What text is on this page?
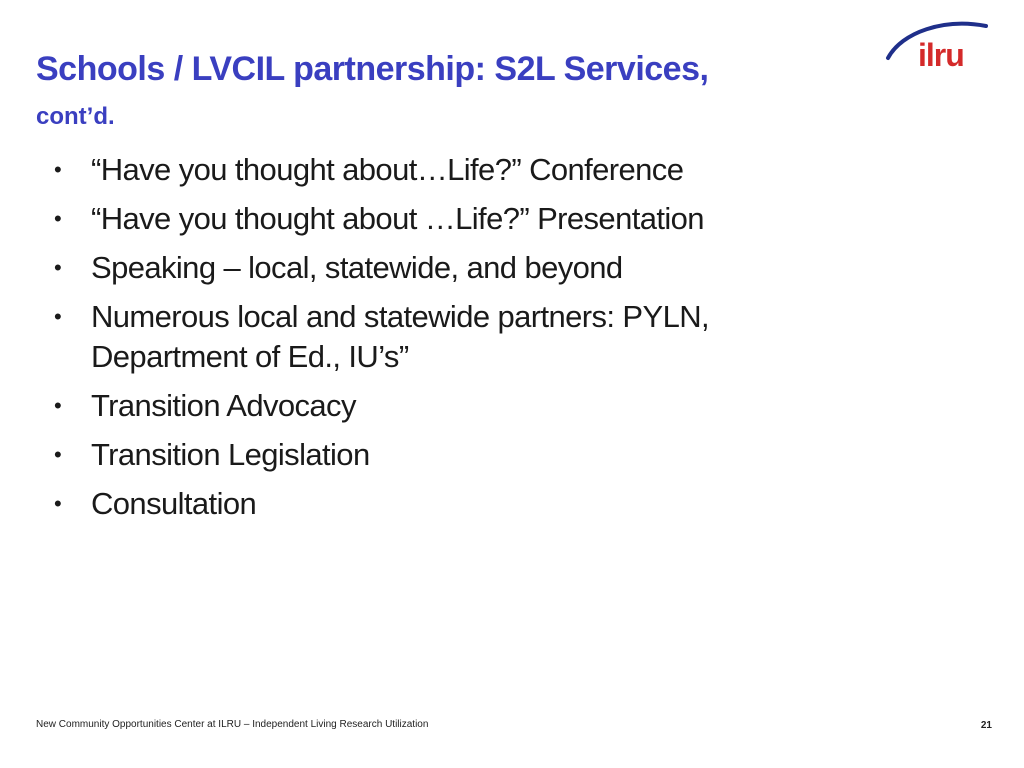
Schools / LVCIL partnership: S2L Services,
cont’d.
ilru
• “Have you thought about…Life?” Conference
• “Have you thought about …Life?” Presentation
• Speaking – local, statewide, and beyond
• Numerous local and statewide partners: PYLN, Department of Ed., IU’s”
• Transition Advocacy
• Transition Legislation
• Consultation
New Community Opportunities Center at ILRU – Independent Living Research Utilization	21
